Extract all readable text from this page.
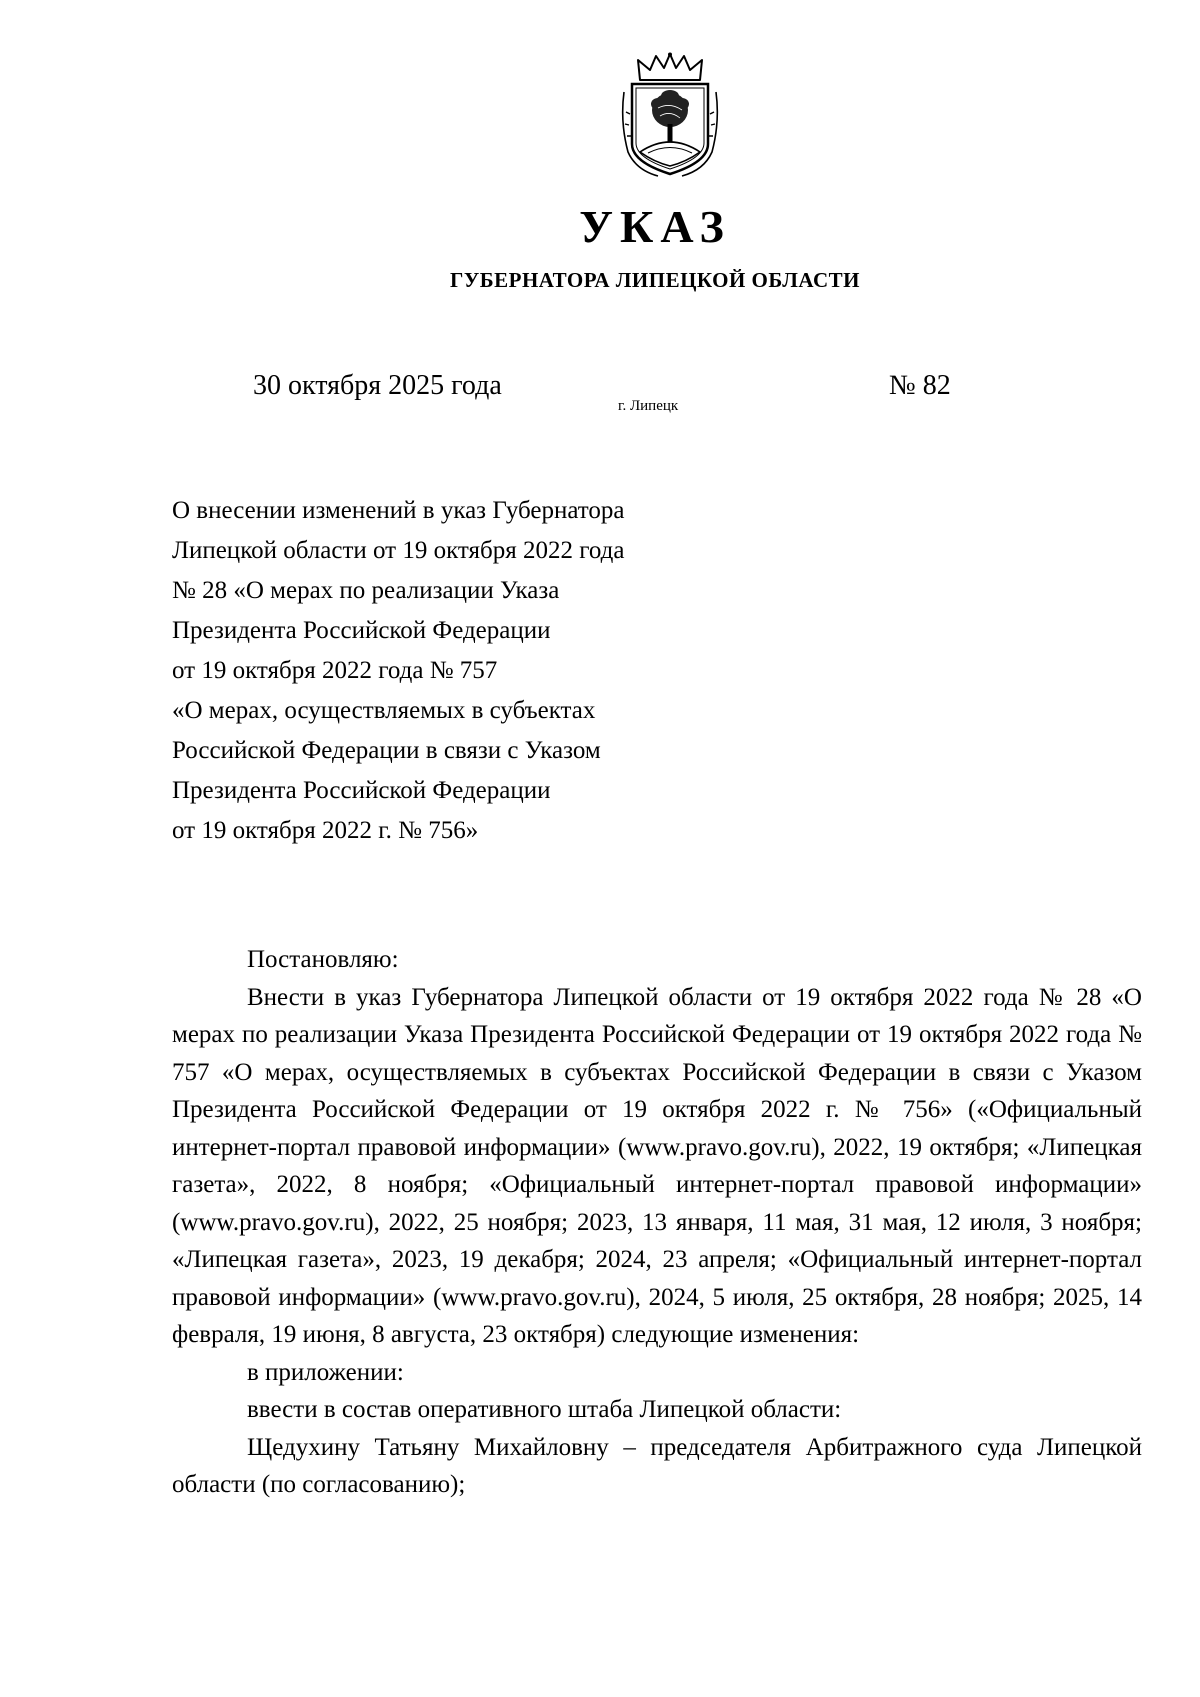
УКАЗ
ГУБЕРНАТОРА ЛИПЕЦКОЙ ОБЛАСТИ
30 октября 2025 года
г. Липецк
№ 82
О внесении изменений в указ Губернатора
Липецкой области от 19 октября 2022 года
№ 28 «О мерах по реализации Указа
Президента Российской Федерации
от 19 октября 2022 года № 757
«О мерах, осуществляемых в субъектах
Российской Федерации в связи с Указом
Президента Российской Федерации
от 19 октября 2022 г. № 756»

Постановляю:

Внести в указ Губернатора Липецкой области от 19 октября 2022 года № 28 «О мерах по реализации Указа Президента Российской Федерации от 19 октября 2022 года № 757 «О мерах, осуществляемых в субъектах Российской Федерации в связи с Указом Президента Российской Федерации от 19 октября 2022 г. № 756» («Официальный интернет-портал правовой информации» (www.pravo.gov.ru), 2022, 19 октября; «Липецкая газета», 2022, 8 ноября; «Официальный интернет-портал правовой информации» (www.pravo.gov.ru), 2022, 25 ноября; 2023, 13 января, 11 мая, 31 мая, 12 июля, 3 ноября; «Липецкая газета», 2023, 19 декабря; 2024, 23 апреля; «Официальный интернет-портал правовой информации» (www.pravo.gov.ru), 2024, 5 июля, 25 октября, 28 ноября; 2025, 14 февраля, 19 июня, 8 августа, 23 октября) следующие изменения:

в приложении:

ввести в состав оперативного штаба Липецкой области:

Щедухину Татьяну Михайловну – председателя Арбитражного суда Липецкой области (по согласованию);
